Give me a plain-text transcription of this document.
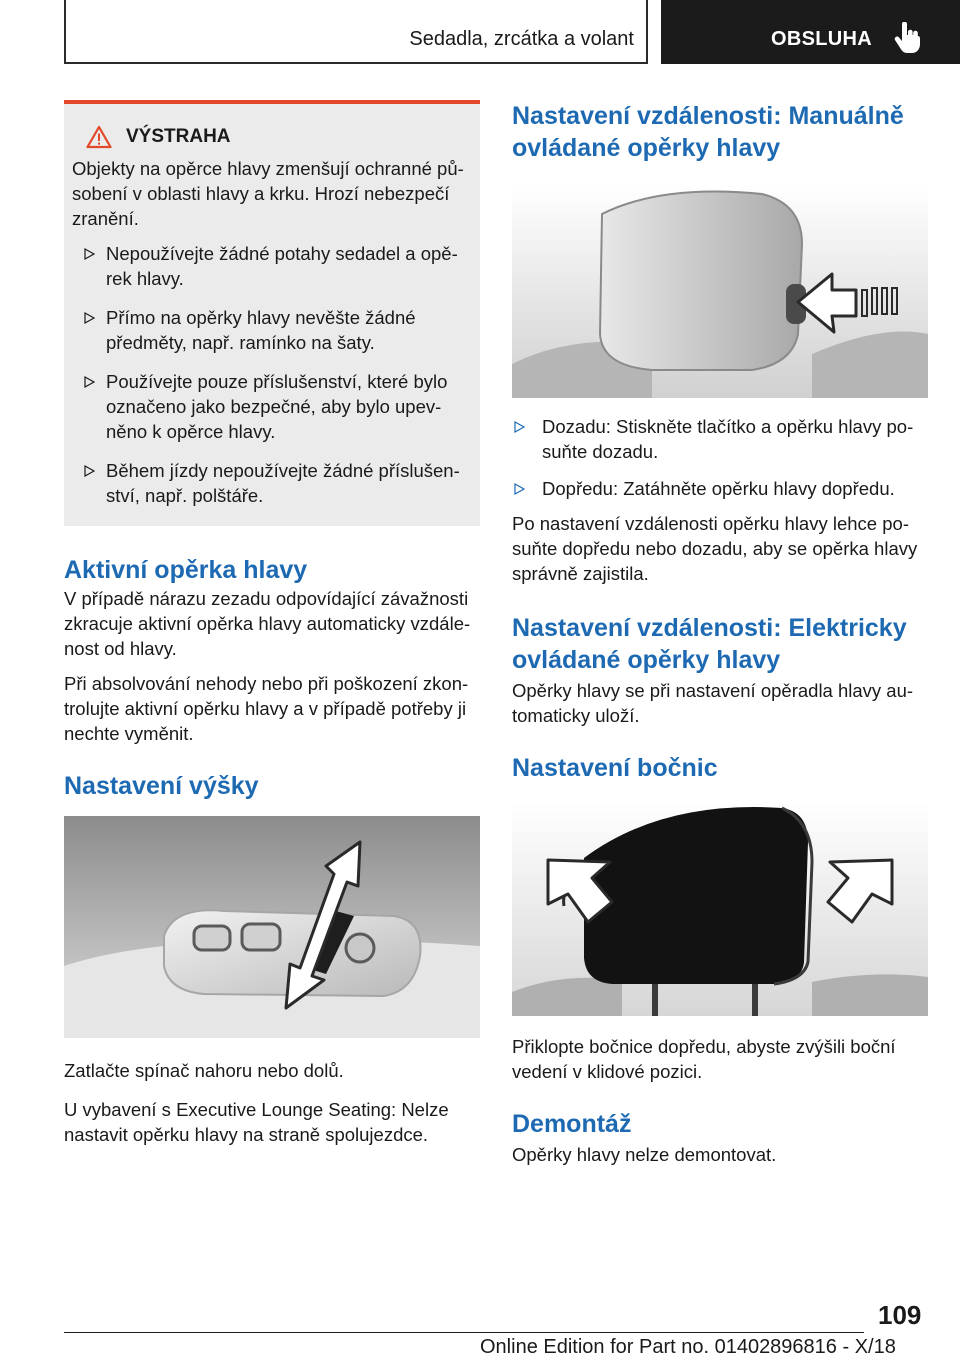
Sedadla, zrcátka a volant	OBSLUHA
VÝSTRAHA

Objekty na opěrce hlavy zmenšují ochranné působení v oblasti hlavy a krku. Hrozí nebezpečí zranění.

Nepoužívejte žádné potahy sedadel a opěrek hlavy.
Přímo na opěrky hlavy nevěšte žádné předměty, např. ramínko na šaty.
Používejte pouze příslušenství, které bylo označeno jako bezpečné, aby bylo upevněno k opěrce hlavy.
Během jízdy nepoužívejte žádné příslušenství, např. polštáře.
Aktivní opěrka hlavy

V případě nárazu zezadu odpovídající závažnosti zkracuje aktivní opěrka hlavy automaticky vzdálenost od hlavy.

Při absolvování nehody nebo při poškození zkontrolujte aktivní opěrku hlavy a v případě potřeby ji nechte vyměnit.

Nastavení výšky

Zatlačte spínač nahoru nebo dolů.

U vybavení s Executive Lounge Seating: Nelze nastavit opěrku hlavy na straně spolujezdce.

Nastavení vzdálenosti: Manuálně ovládané opěrky hlavy
Dozadu: Stiskněte tlačítko a opěrku hlavy posuňte dozadu.
Dopředu: Zatáhněte opěrku hlavy dopředu.

Po nastavení vzdálenosti opěrku hlavy lehce posuňte dopředu nebo dozadu, aby se opěrka hlavy správně zajistila.

Nastavení vzdálenosti: Elektricky ovládané opěrky hlavy

Opěrky hlavy se při nastavení opěradla hlavy automaticky uloží.

Nastavení bočnic

Přiklopte bočnice dopředu, abyste zvýšili boční vedení v klidové pozici.

Demontáž

Opěrky hlavy nelze demontovat.

109
Online Edition for Part no. 01402896816 - X/18
